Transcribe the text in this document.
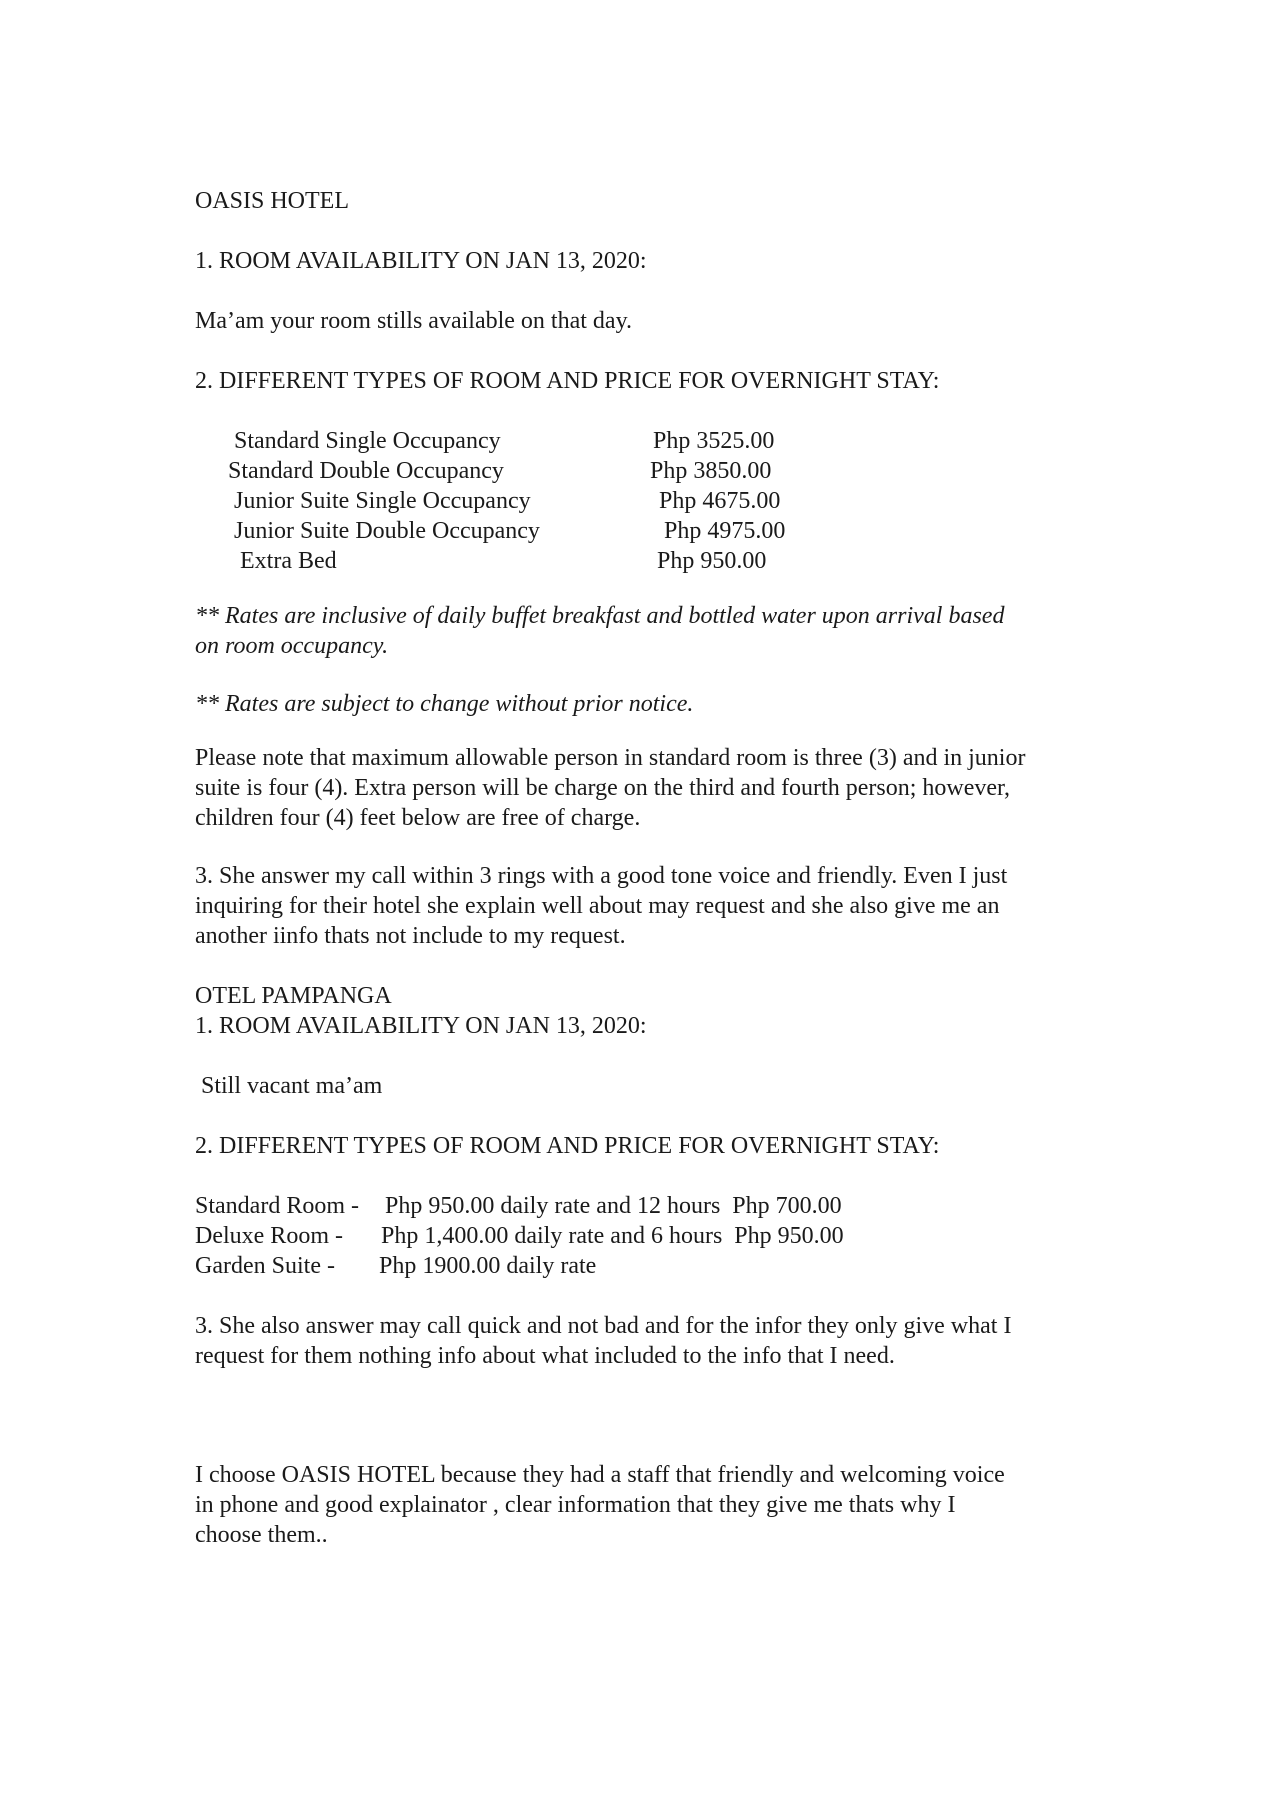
OASIS HOTEL
1. ROOM AVAILABILITY ON JAN 13, 2020:
Ma’am your room stills available on that day.
2. DIFFERENT TYPES OF ROOM AND PRICE FOR OVERNIGHT STAY:
Standard Single Occupancy	Php 3525.00
Standard Double Occupancy	Php 3850.00
Junior Suite Single Occupancy	Php 4675.00
Junior Suite Double Occupancy	Php 4975.00
Extra Bed	Php 950.00
** Rates are inclusive of daily buffet breakfast and bottled water upon arrival based
on room occupancy.
** Rates are subject to change without prior notice.
Please note that maximum allowable person in standard room is three (3) and in junior
suite is four (4). Extra person will be charge on the third and fourth person; however,
children four (4) feet below are free of charge.
3. She answer my call within 3 rings with a good tone voice and friendly. Even I just
inquiring for their hotel she explain well about may request and she also give me an
another iinfo thats not include to my request.
OTEL PAMPANGA
1. ROOM AVAILABILITY ON JAN 13, 2020:
Still vacant ma’am
2. DIFFERENT TYPES OF ROOM AND PRICE FOR OVERNIGHT STAY:
Standard Room - Php 950.00 daily rate and 12 hours  Php 700.00
Deluxe Room - Php 1,400.00 daily rate and 6 hours  Php 950.00
Garden Suite - Php 1900.00 daily rate
3. She also answer may call quick and not bad and for the infor they only give what I
request for them nothing info about what included to the info that I need.
I choose OASIS HOTEL because they had a staff that friendly and welcoming voice
in phone and good explainator , clear information that they give me thats why I
choose them..
